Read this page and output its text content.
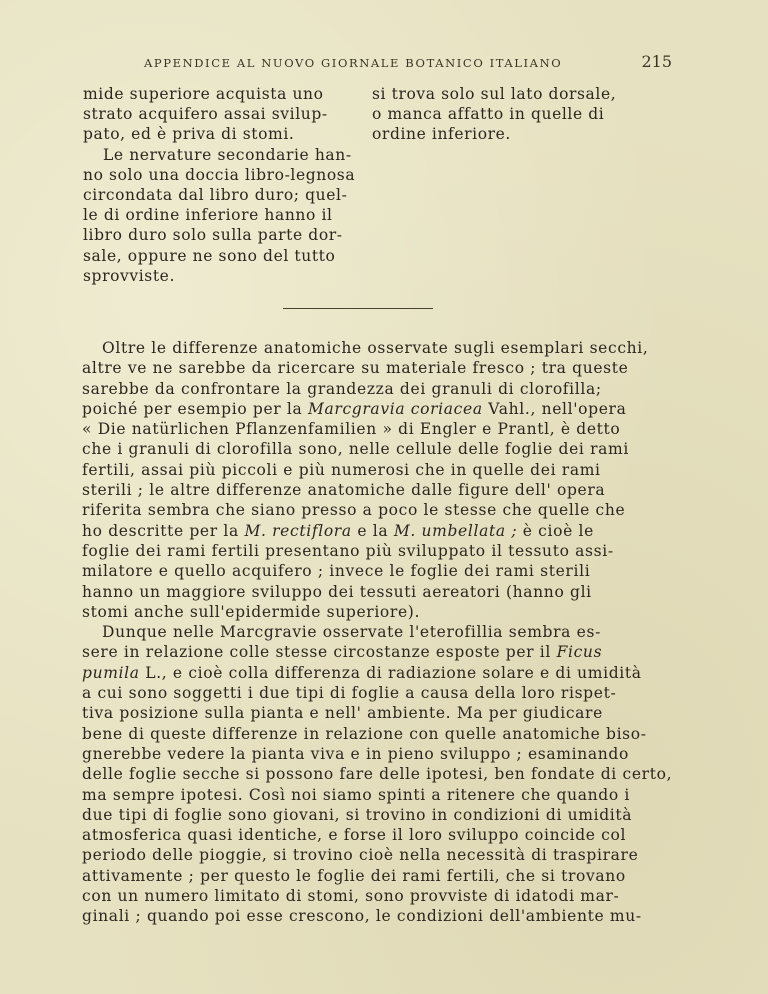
APPENDICE AL NUOVO GIORNALE BOTANICO ITALIANO	215
mide superiore acquista uno
strato acquifero assai svilup-
pato, ed è priva di stomi.
Le nervature secondarie han-
no solo una doccia libro-legnosa
circondata dal libro duro; quel-
le di ordine inferiore hanno il
libro duro solo sulla parte dor-
sale, oppure ne sono del tutto
sprovviste.
si trova solo sul lato dorsale,
o manca affatto in quelle di
ordine inferiore.
Oltre le differenze anatomiche osservate sugli esemplari secchi,
altre ve ne sarebbe da ricercare su materiale fresco ; tra queste
sarebbe da confrontare la grandezza dei granuli di clorofilla;
poiché per esempio per la Marcgravia coriacea Vahl., nell'opera
« Die natürlichen Pflanzenfamilien » di Engler e Prantl, è detto
che i granuli di clorofilla sono, nelle cellule delle foglie dei rami
fertili, assai più piccoli e più numerosi che in quelle dei rami
sterili ; le altre differenze anatomiche dalle figure dell' opera
riferita sembra che siano presso a poco le stesse che quelle che
ho descritte per la M. rectiflora e la M. umbellata ; è cioè le
foglie dei rami fertili presentano più sviluppato il tessuto assi-
milatore e quello acquifero ; invece le foglie dei rami sterili
hanno un maggiore sviluppo dei tessuti aereatori (hanno gli
stomi anche sull'epidermide superiore).
Dunque nelle Marcgravie osservate l'eterofillia sembra es-
sere in relazione colle stesse circostanze esposte per il Ficus
pumila L., e cioè colla differenza di radiazione solare e di umidità
a cui sono soggetti i due tipi di foglie a causa della loro rispet-
tiva posizione sulla pianta e nell' ambiente. Ma per giudicare
bene di queste differenze in relazione con quelle anatomiche biso-
gnerebbe vedere la pianta viva e in pieno sviluppo ; esaminando
delle foglie secche si possono fare delle ipotesi, ben fondate di certo,
ma sempre ipotesi. Così noi siamo spinti a ritenere che quando i
due tipi di foglie sono giovani, si trovino in condizioni di umidità
atmosferica quasi identiche, e forse il loro sviluppo coincide col
periodo delle pioggie, si trovino cioè nella necessità di traspirare
attivamente ; per questo le foglie dei rami fertili, che si trovano
con un numero limitato di stomi, sono provviste di idatodi mar-
ginali ; quando poi esse crescono, le condizioni dell'ambiente mu-
